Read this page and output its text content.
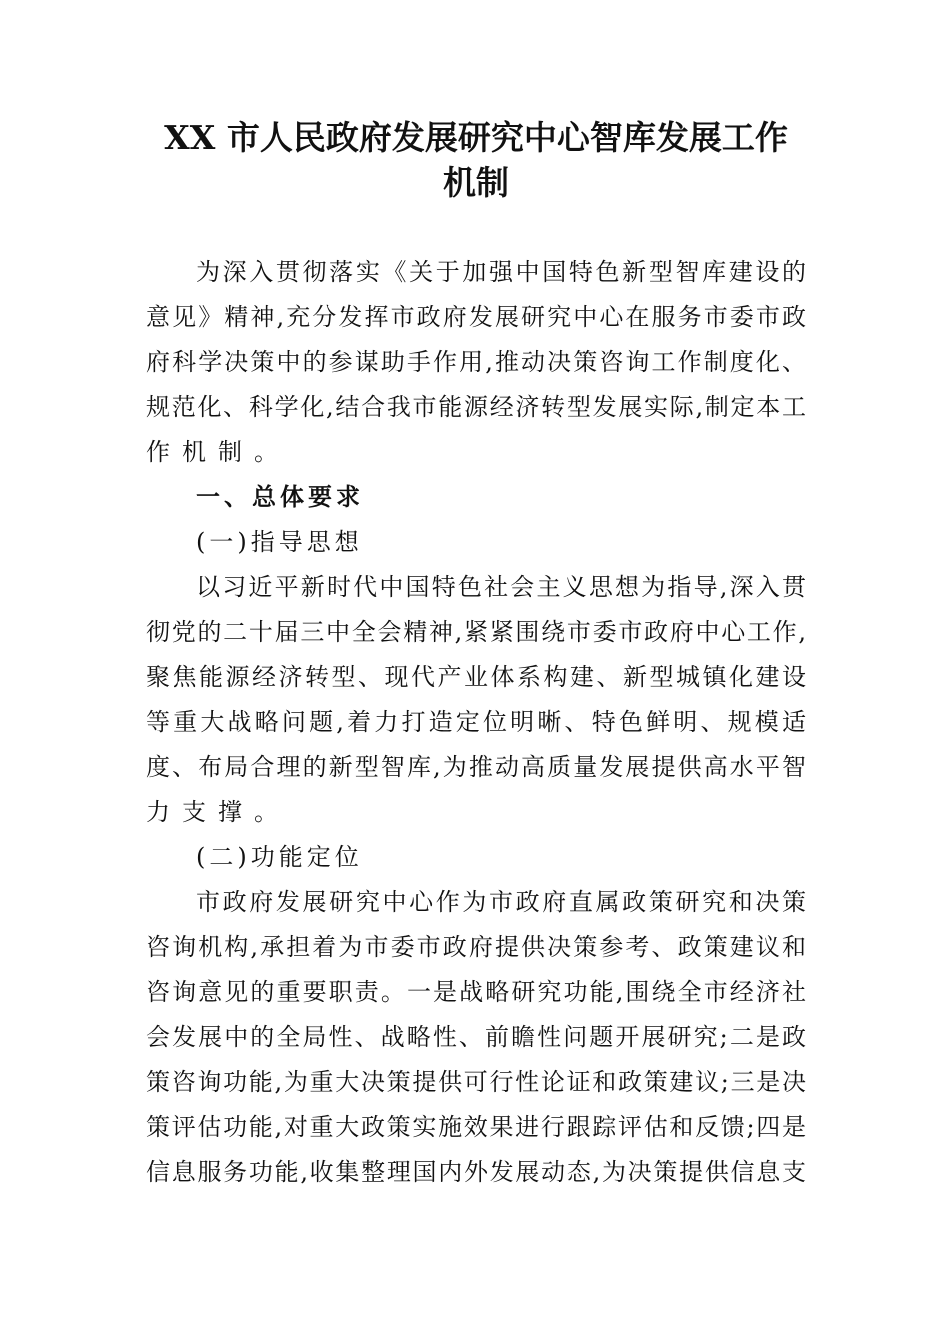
XX 市人民政府发展研究中心智库发展工作
机制
为深入贯彻落实《关于加强中国特色新型智库建设的
意见》精神,充分发挥市政府发展研究中心在服务市委市政
府科学决策中的参谋助手作用,推动决策咨询工作制度化、
规范化、科学化,结合我市能源经济转型发展实际,制定本工
作机制。
一、总体要求
(一)指导思想
以习近平新时代中国特色社会主义思想为指导,深入贯
彻党的二十届三中全会精神,紧紧围绕市委市政府中心工作,
聚焦能源经济转型、现代产业体系构建、新型城镇化建设
等重大战略问题,着力打造定位明晰、特色鲜明、规模适
度、布局合理的新型智库,为推动高质量发展提供高水平智
力支撑。
(二)功能定位
市政府发展研究中心作为市政府直属政策研究和决策
咨询机构,承担着为市委市政府提供决策参考、政策建议和
咨询意见的重要职责。一是战略研究功能,围绕全市经济社
会发展中的全局性、战略性、前瞻性问题开展研究;二是政
策咨询功能,为重大决策提供可行性论证和政策建议;三是决
策评估功能,对重大政策实施效果进行跟踪评估和反馈;四是
信息服务功能,收集整理国内外发展动态,为决策提供信息支
